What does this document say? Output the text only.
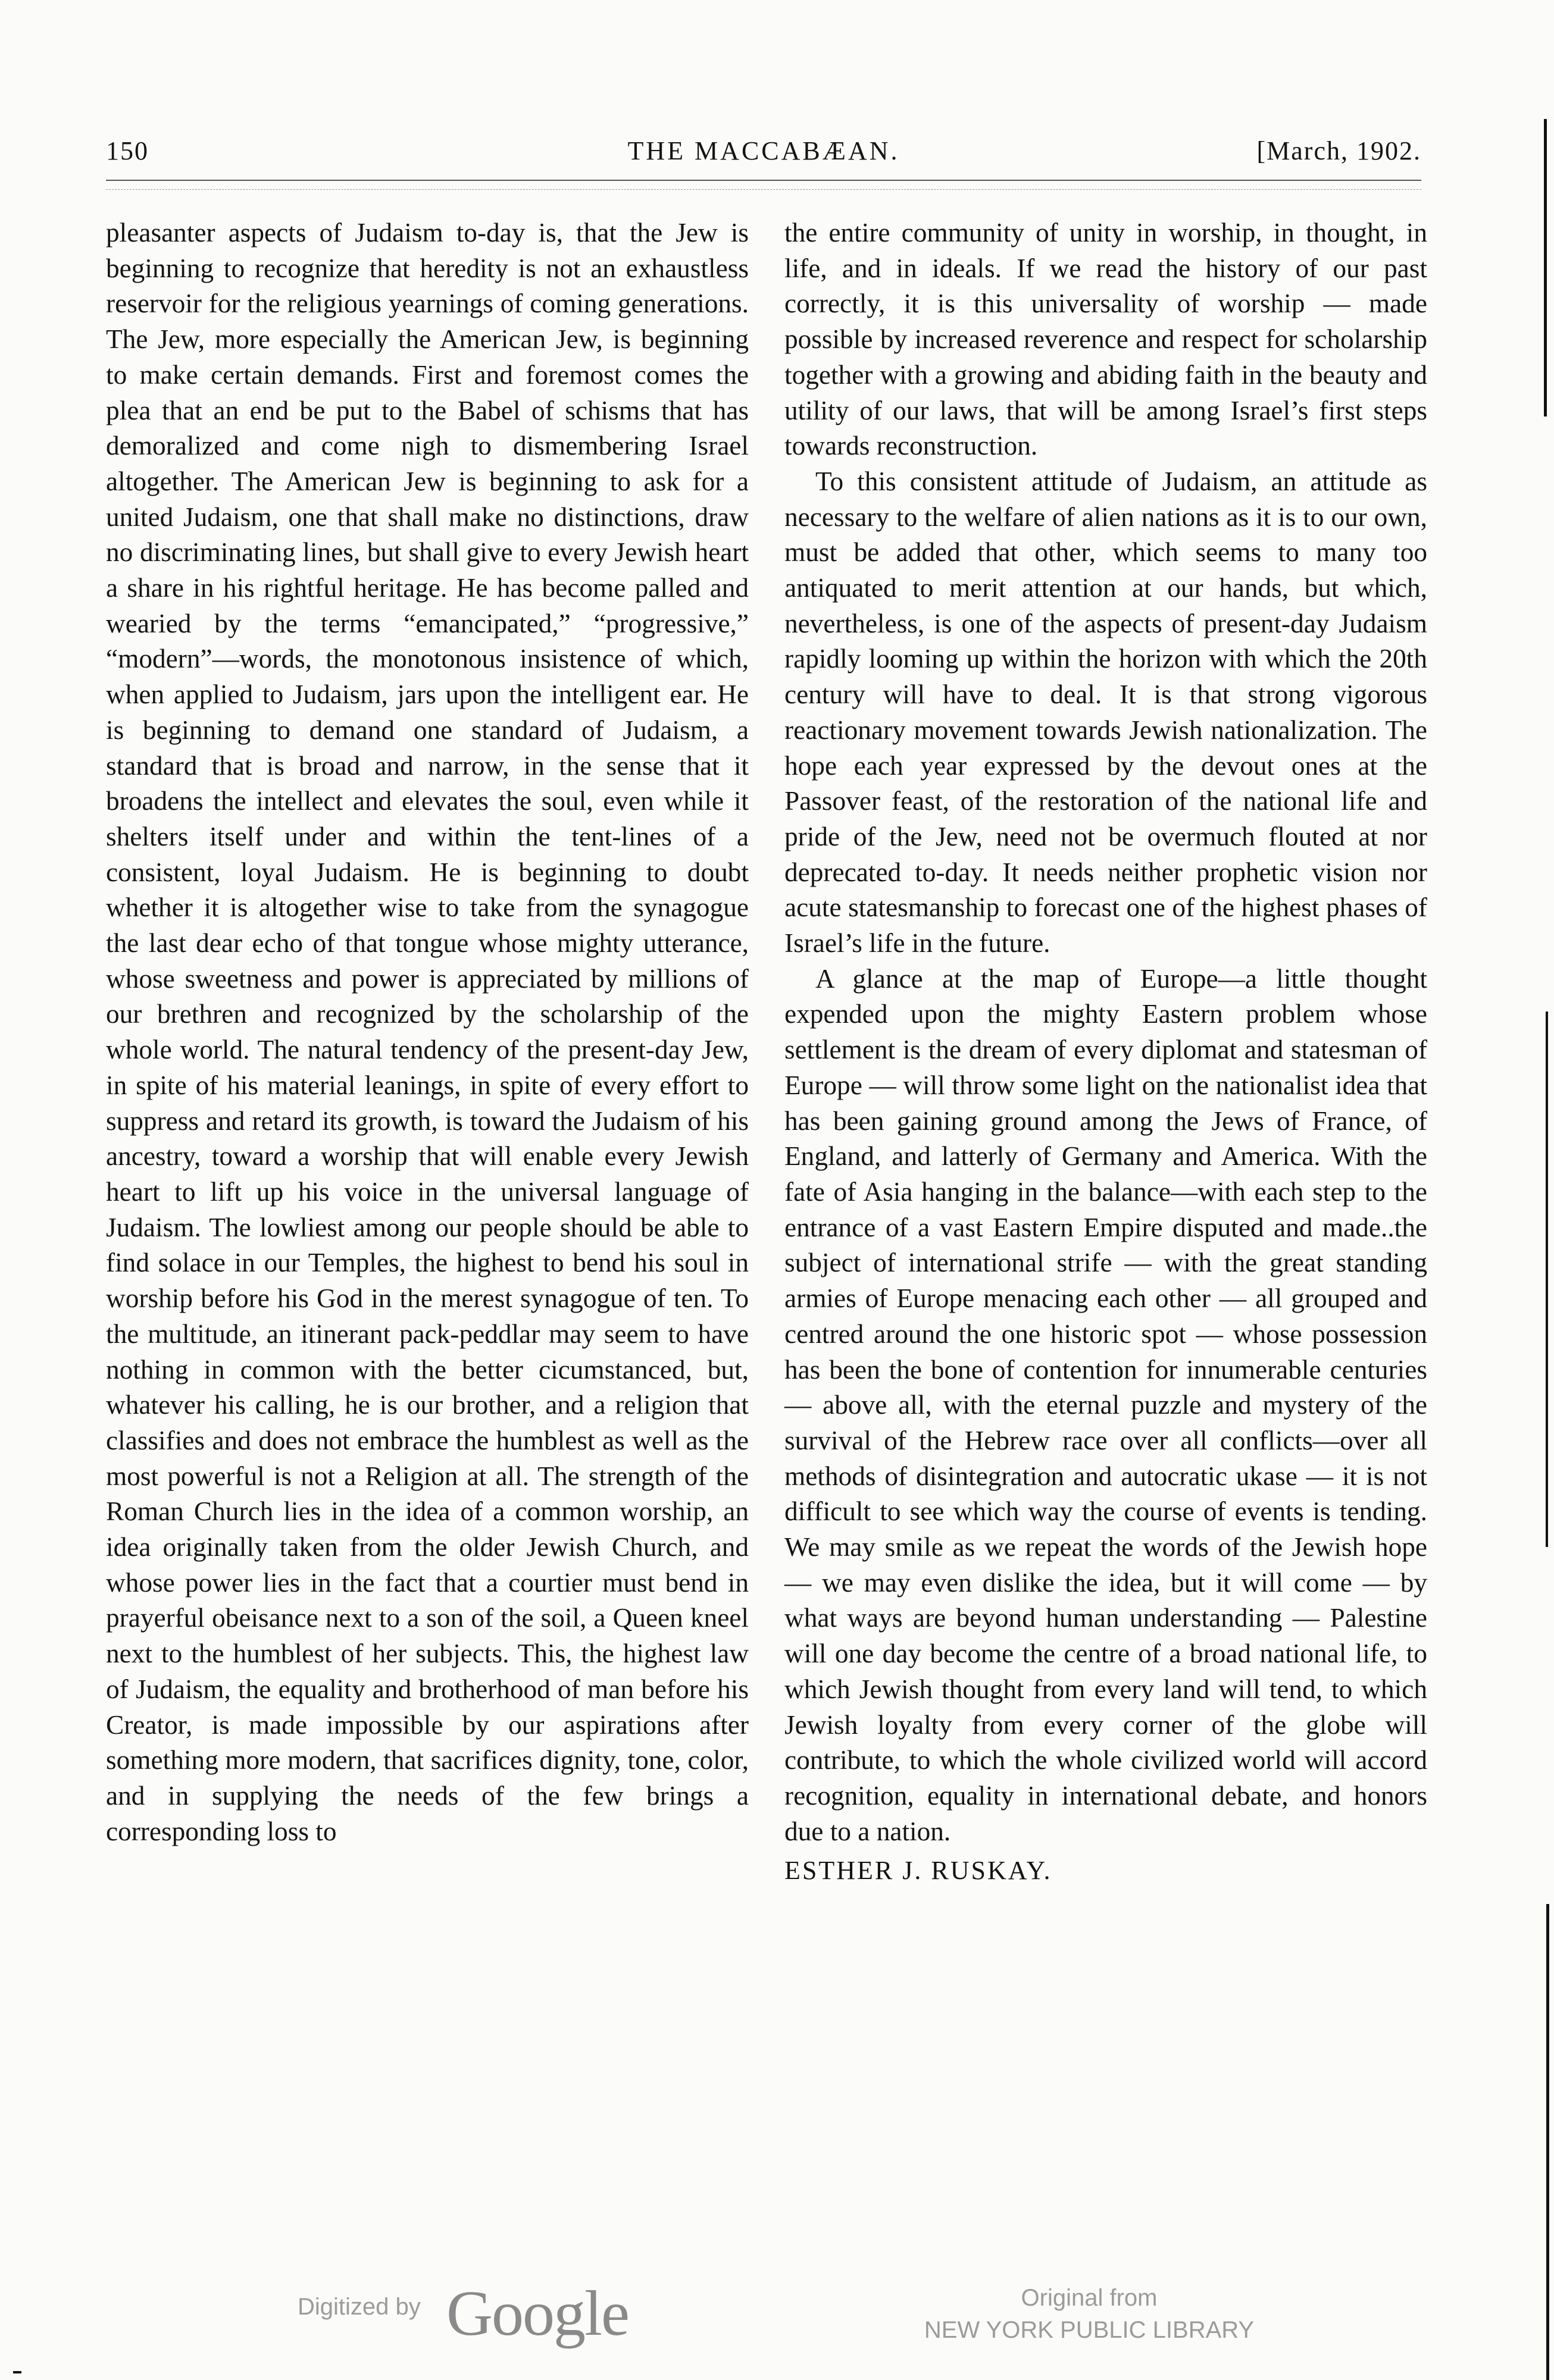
150	THE MACCABÆAN.	[March, 1902.

pleasanter aspects of Judaism to-day is, that the Jew is beginning to recognize that heredity is not an exhaustless reservoir for the religious yearnings of coming generations. The Jew, more especially the American Jew, is beginning to make certain demands. First and foremost comes the plea that an end be put to the Babel of schisms that has demoralized and come nigh to dismembering Israel altogether. The American Jew is beginning to ask for a united Judaism, one that shall make no distinctions, draw no discriminating lines, but shall give to every Jewish heart a share in his rightful heritage. He has become palled and wearied by the terms “emancipated,” “progressive,” “modern”—words, the monotonous insistence of which, when applied to Judaism, jars upon the intelligent ear. He is beginning to demand one standard of Judaism, a standard that is broad and narrow, in the sense that it broadens the intellect and elevates the soul, even while it shelters itself under and within the tent-lines of a consistent, loyal Judaism. He is beginning to doubt whether it is altogether wise to take from the synagogue the last dear echo of that tongue whose mighty utterance, whose sweetness and power is appreciated by millions of our brethren and recognized by the scholarship of the whole world. The natural tendency of the present-day Jew, in spite of his material leanings, in spite of every effort to suppress and retard its growth, is toward the Judaism of his ancestry, toward a worship that will enable every Jewish heart to lift up his voice in the universal language of Judaism. The lowliest among our people should be able to find solace in our Temples, the highest to bend his soul in worship before his God in the merest synagogue of ten. To the multitude, an itinerant pack-peddlar may seem to have nothing in common with the better cicumstanced, but, whatever his calling, he is our brother, and a religion that classifies and does not embrace the humblest as well as the most powerful is not a Religion at all. The strength of the Roman Church lies in the idea of a common worship, an idea originally taken from the older Jewish Church, and whose power lies in the fact that a courtier must bend in prayerful obeisance next to a son of the soil, a Queen kneel next to the humblest of her subjects. This, the highest law of Judaism, the equality and brotherhood of man before his Creator, is made impossible by our aspirations after something more modern, that sacrifices dignity, tone, color, and in supplying the needs of the few brings a corresponding loss to

the entire community of unity in worship, in thought, in life, and in ideals. If we read the history of our past correctly, it is this universality of worship — made possible by increased reverence and respect for scholarship together with a growing and abiding faith in the beauty and utility of our laws, that will be among Israel’s first steps towards reconstruction.

To this consistent attitude of Judaism, an attitude as necessary to the welfare of alien nations as it is to our own, must be added that other, which seems to many too antiquated to merit attention at our hands, but which, nevertheless, is one of the aspects of present-day Judaism rapidly looming up within the horizon with which the 20th century will have to deal. It is that strong vigorous reactionary movement towards Jewish nationalization. The hope each year expressed by the devout ones at the Passover feast, of the restoration of the national life and pride of the Jew, need not be overmuch flouted at nor deprecated to-day. It needs neither prophetic vision nor acute statesmanship to forecast one of the highest phases of Israel’s life in the future.

A glance at the map of Europe—a little thought expended upon the mighty Eastern problem whose settlement is the dream of every diplomat and statesman of Europe — will throw some light on the nationalist idea that has been gaining ground among the Jews of France, of England, and latterly of Germany and America. With the fate of Asia hanging in the balance—with each step to the entrance of a vast Eastern Empire disputed and made..the subject of international strife — with the great standing armies of Europe menacing each other — all grouped and centred around the one historic spot — whose possession has been the bone of contention for innumerable centuries — above all, with the eternal puzzle and mystery of the survival of the Hebrew race over all conflicts—over all methods of disintegration and autocratic ukase — it is not difficult to see which way the course of events is tending. We may smile as we repeat the words of the Jewish hope — we may even dislike the idea, but it will come — by what ways are beyond human understanding — Palestine will one day become the centre of a broad national life, to which Jewish thought from every land will tend, to which Jewish loyalty from every corner of the globe will contribute, to which the whole civilized world will accord recognition, equality in international debate, and honors due to a nation.

ESTHER J. RUSKAY.

Digitized by Google	Original from
NEW YORK PUBLIC LIBRARY
